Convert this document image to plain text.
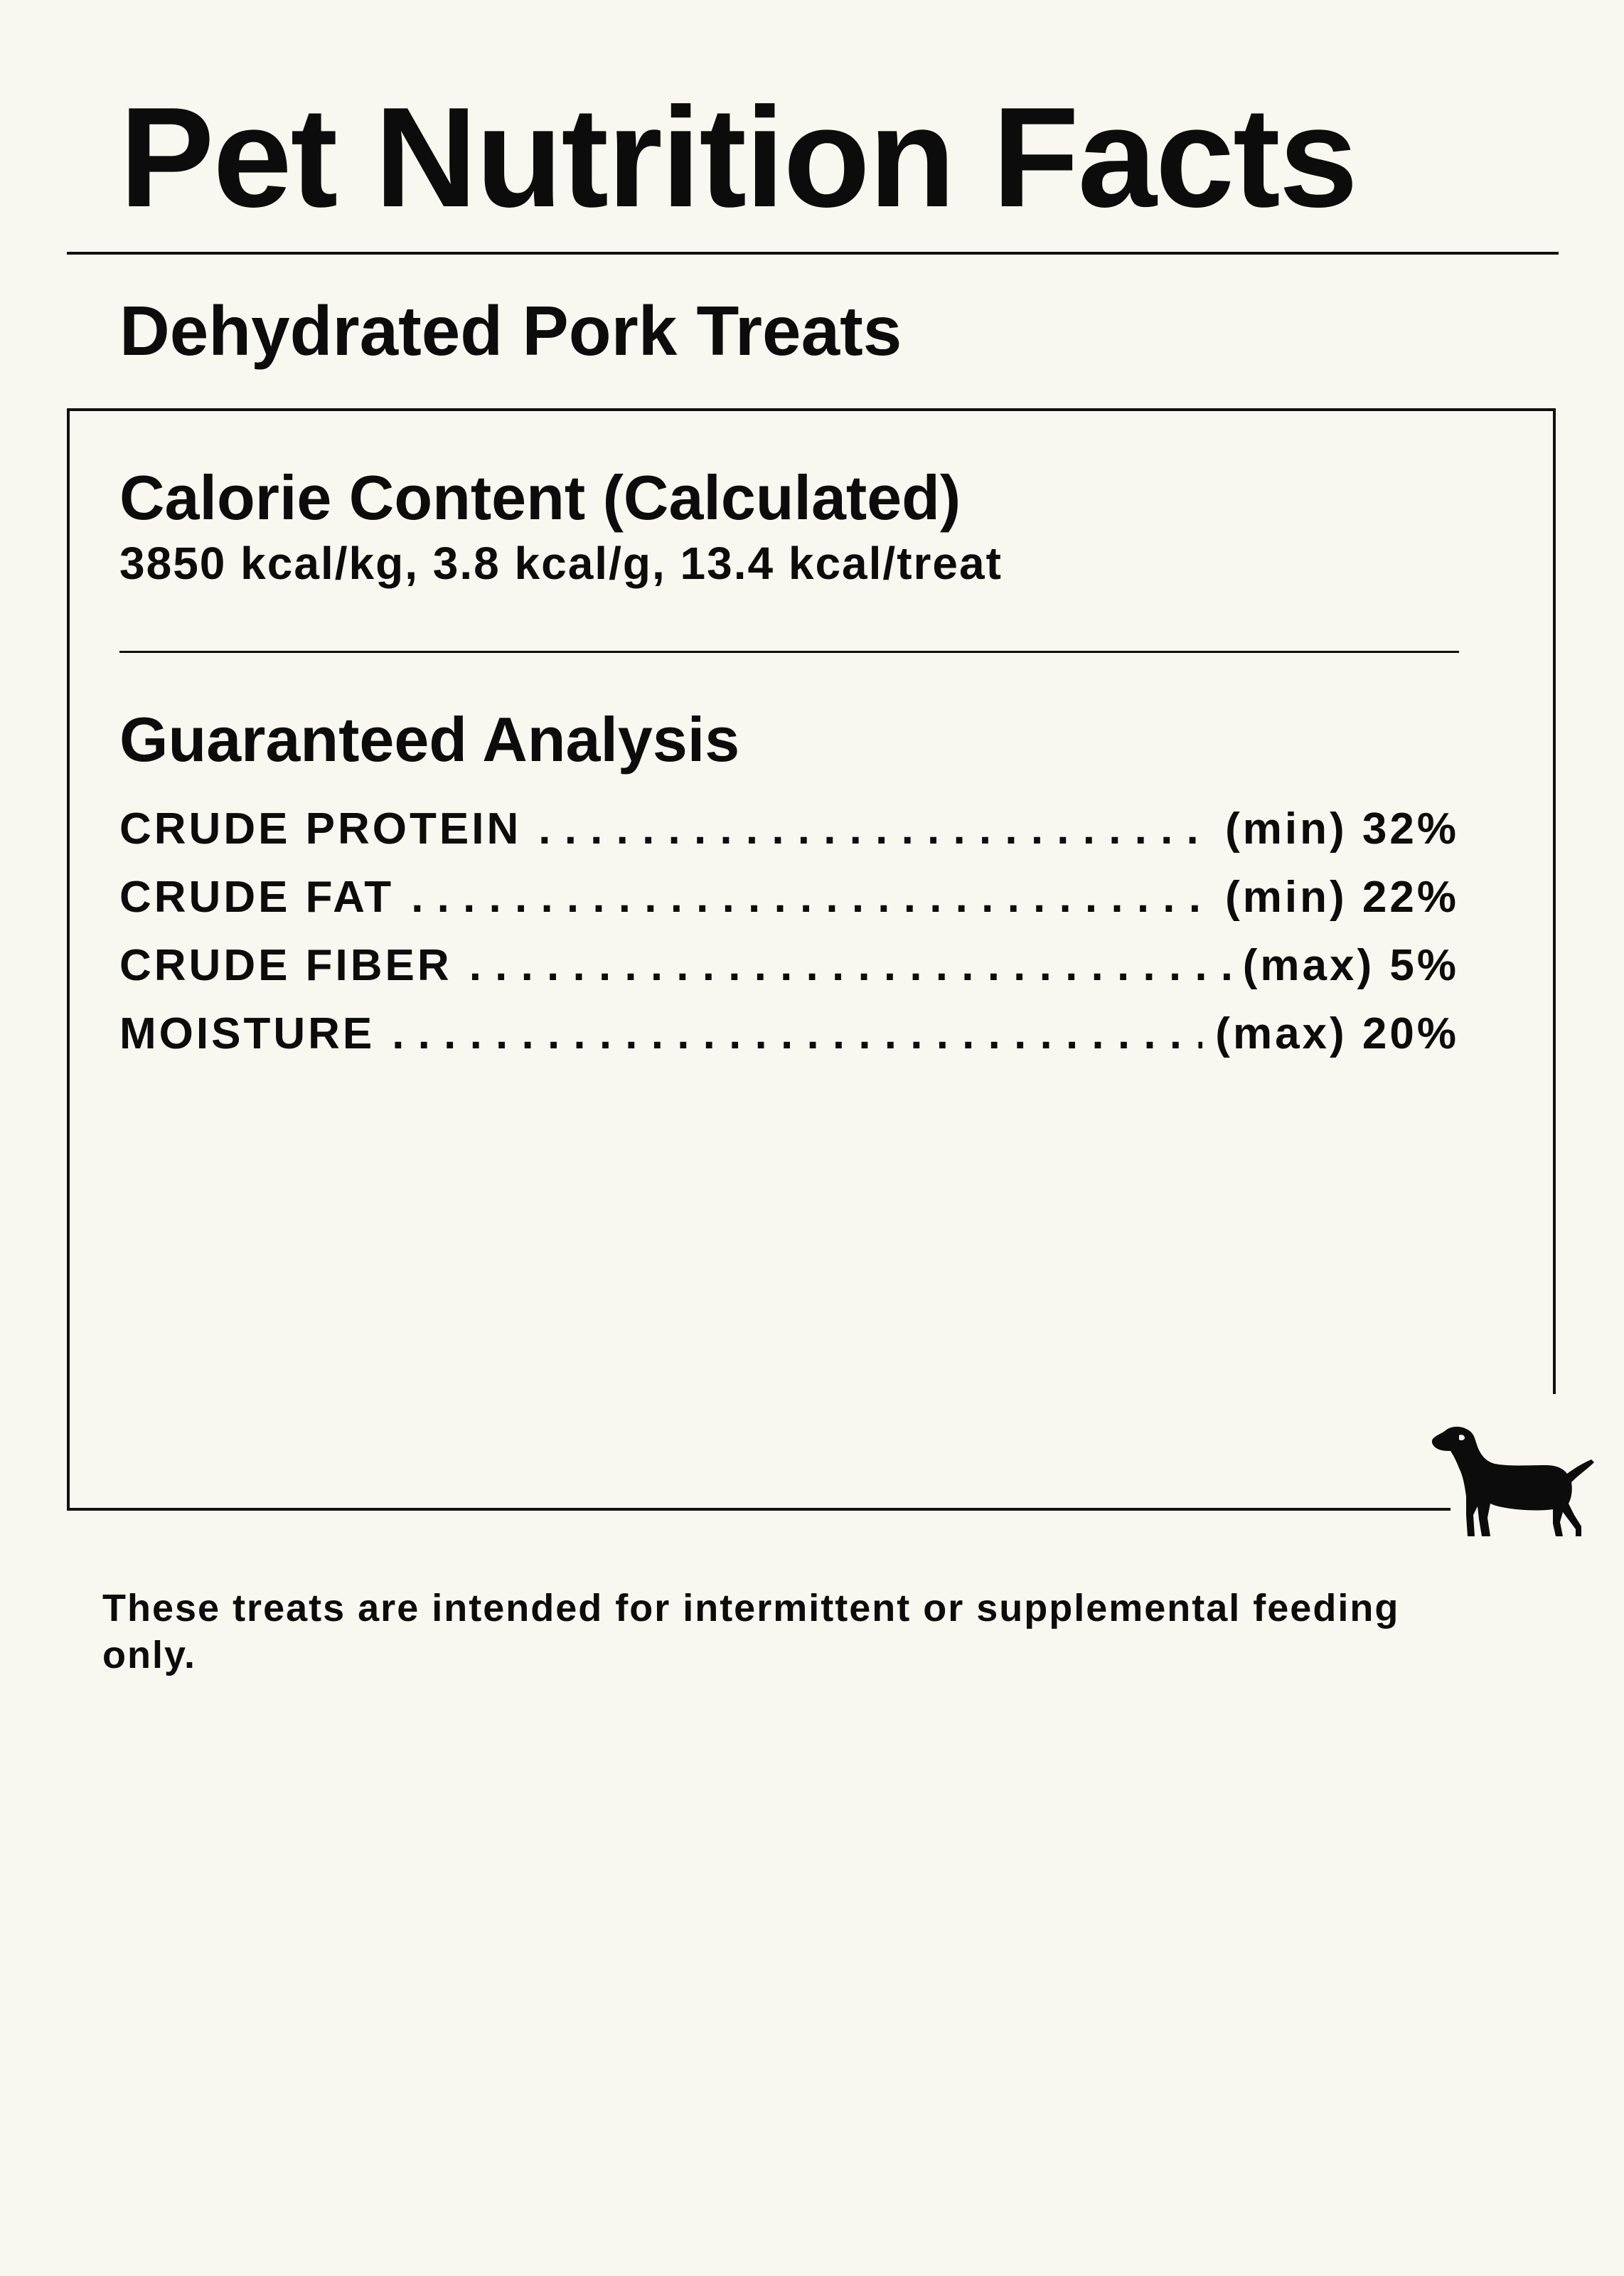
Pet Nutrition Facts
Dehydrated Pork Treats
Calorie Content (Calculated)

3850 kcal/kg, 3.8 kcal/g, 13.4 kcal/treat

Guaranteed Analysis
CRUDE PROTEIN . . .	(min) 32%
CRUDE FAT . . .	(min) 22%
CRUDE FIBER . . .	(max) 5%
MOISTURE . . .	(max) 20%

These treats are intended for intermittent or supplemental feeding only.
